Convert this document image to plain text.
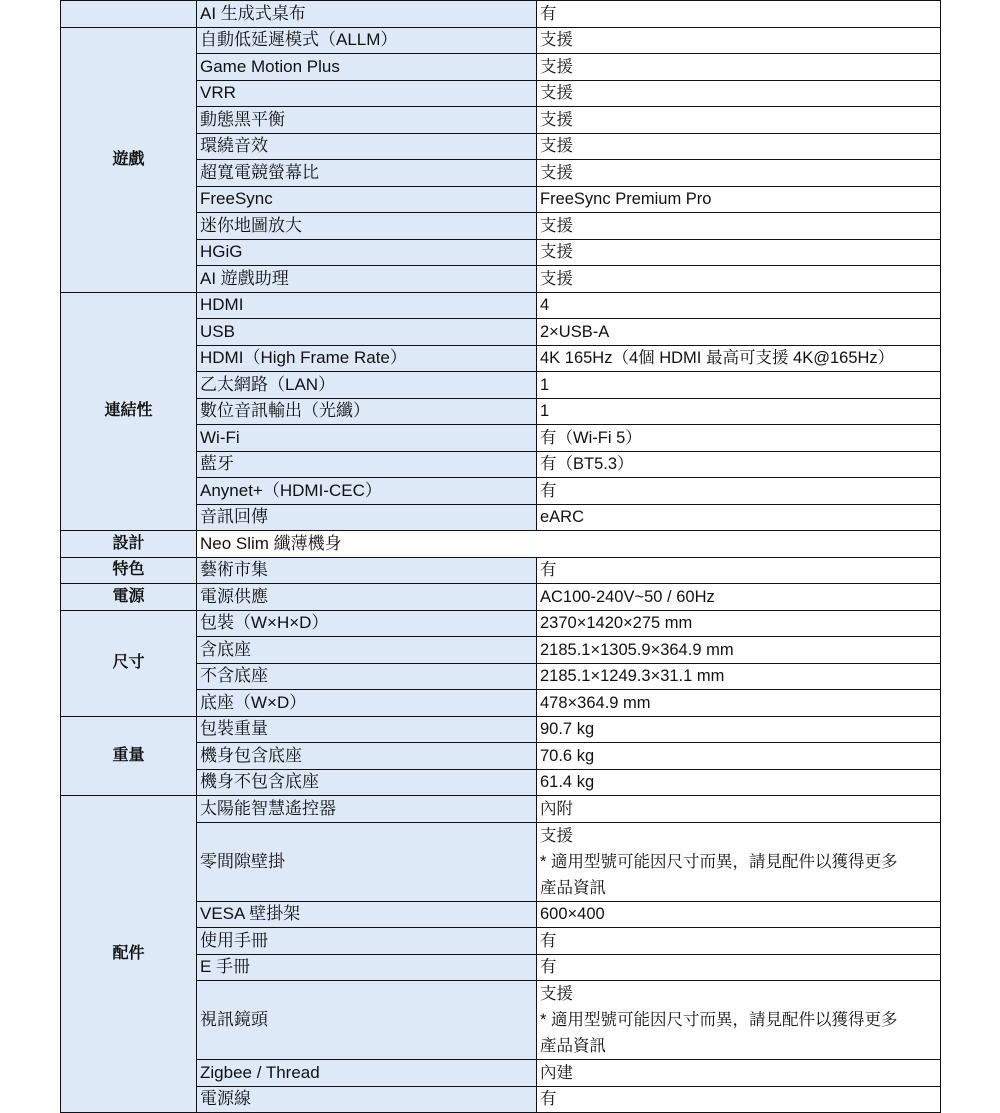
	AI 生成式桌布	有
遊戲	自動低延遲模式（ALLM）	支援
	Game Motion Plus	支援
	VRR	支援
	動態黑平衡	支援
	環繞音效	支援
	超寬電競螢幕比	支援
	FreeSync	FreeSync Premium Pro
	迷你地圖放大	支援
	HGiG	支援
	AI 遊戲助理	支援
連結性	HDMI	4
	USB	2×USB-A
	HDMI（High Frame Rate）	4K 165Hz（4個 HDMI 最高可支援 4K@165Hz）
	乙太網路（LAN）	1
	數位音訊輸出（光纖）	1
	Wi-Fi	有（Wi-Fi 5）
	藍牙	有（BT5.3）
	Anynet+（HDMI-CEC）	有
	音訊回傳	eARC
設計	Neo Slim 纖薄機身	
特色	藝術市集	有
電源	電源供應	AC100-240V~50 / 60Hz
尺寸	包裝（W×H×D）	2370×1420×275 mm
	含底座	2185.1×1305.9×364.9 mm
	不含底座	2185.1×1249.3×31.1 mm
	底座（W×D）	478×364.9 mm
重量	包裝重量	90.7 kg
	機身包含底座	70.6 kg
	機身不包含底座	61.4 kg
配件	太陽能智慧遙控器	內附
	零間隙壁掛	支援
* 適用型號可能因尺寸而異，請見配件以獲得更多
產品資訊

	VESA 壁掛架	600×400
	使用手冊	有
	E 手冊	有
	視訊鏡頭	支援
* 適用型號可能因尺寸而異，請見配件以獲得更多
產品資訊

	Zigbee / Thread	內建
	電源線	有
